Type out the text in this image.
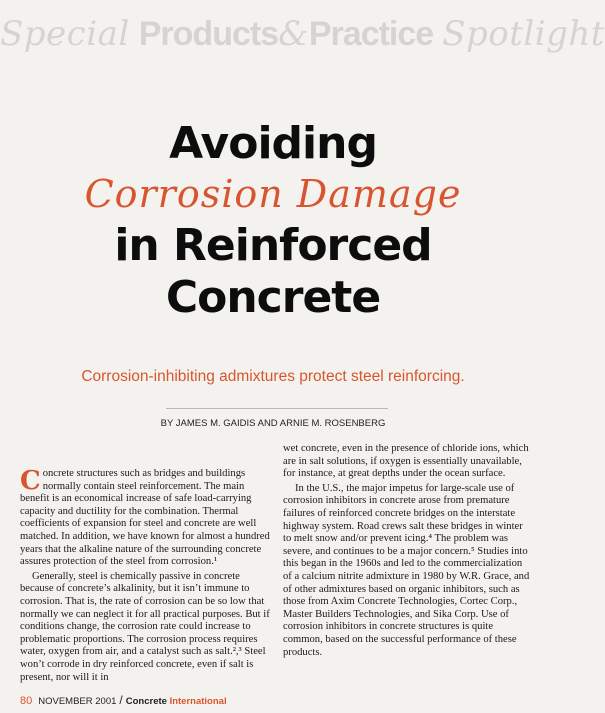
Special Products&Practice Spotlight
Avoiding
Corrosion Damage
in Reinforced
Concrete
Corrosion-inhibiting admixtures protect steel reinforcing.
BY JAMES M. GAIDIS AND ARNIE M. ROSENBERG

Concrete structures such as bridges and buildings normally contain steel reinforcement. The main benefit is an economical increase of safe load-carrying capacity and ductility for the combination. Thermal coefficients of expansion for steel and concrete are well matched. In addition, we have known for almost a hundred years that the alkaline nature of the surrounding concrete assures protection of the steel from corrosion.¹

Generally, steel is chemically passive in concrete because of concrete’s alkalinity, but it isn’t immune to corrosion. That is, the rate of corrosion can be so low that normally we can neglect it for all practical purposes. But if conditions change, the corrosion rate could increase to problematic proportions. The corrosion process requires water, oxygen from air, and a catalyst such as salt.²,³ Steel won’t corrode in dry reinforced concrete, even if salt is present, nor will it in

wet concrete, even in the presence of chloride ions, which are in salt solutions, if oxygen is essentially unavailable, for instance, at great depths under the ocean surface.

In the U.S., the major impetus for large-scale use of corrosion inhibitors in concrete arose from premature failures of reinforced concrete bridges on the interstate highway system. Road crews salt these bridges in winter to melt snow and/or prevent icing.⁴ The problem was severe, and continues to be a major concern.⁵ Studies into this began in the 1960s and led to the commercialization of a calcium nitrite admixture in 1980 by W.R. Grace, and of other admixtures based on organic inhibitors, such as those from Axim Concrete Technologies, Cortec Corp., Master Builders Technologies, and Sika Corp. Use of corrosion inhibitors in concrete structures is quite common, based on the successful performance of these products.

80 NOVEMBER 2001 / Concrete International
